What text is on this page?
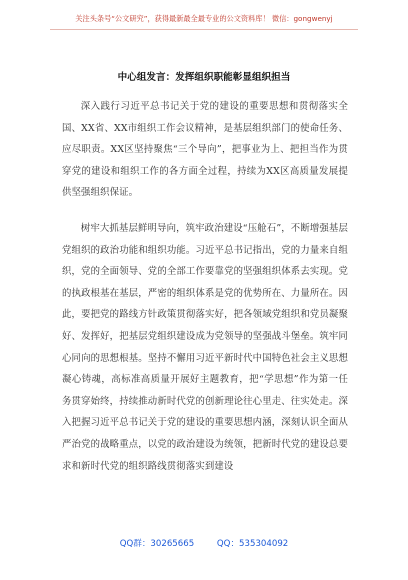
关注头条号“公文研究”，获得最新最全最专业的公文资料库！ 微信：gongwenyj
中心组发言：发挥组织职能彰显组织担当

深入践行习近平总书记关于党的建设的重要思想和贯彻落实全国、XX省、XX市组织工作会议精神，是基层组织部门的使命任务、应尽职责。XX区坚持聚焦“三个导向”，把事业为上、把担当作为贯穿党的建设和组织工作的各方面全过程，持续为XX区高质量发展提供坚强组织保证。

树牢大抓基层鲜明导向，筑牢政治建设“压舱石”，不断增强基层党组织的政治功能和组织功能。习近平总书记指出，党的力量来自组织，党的全面领导、党的全部工作要靠党的坚强组织体系去实现。党的执政根基在基层，严密的组织体系是党的优势所在、力量所在。因此，要把党的路线方针政策贯彻落实好，把各领域党组织和党员凝聚好、发挥好，把基层党组织建设成为党领导的坚强战斗堡垒。筑牢同心同向的思想根基。坚持不懈用习近平新时代中国特色社会主义思想凝心铸魂，高标准高质量开展好主题教育，把“学思想”作为第一任务贯穿始终，持续推动新时代党的创新理论往心里走、往实处走。深入把握习近平总书记关于党的建设的重要思想内涵，深刻认识全面从严治党的战略重点，以党的政治建设为统领，把新时代党的建设总要求和新时代党的组织路线贯彻落实到建设

QQ群：30265665	QQ：535304092
